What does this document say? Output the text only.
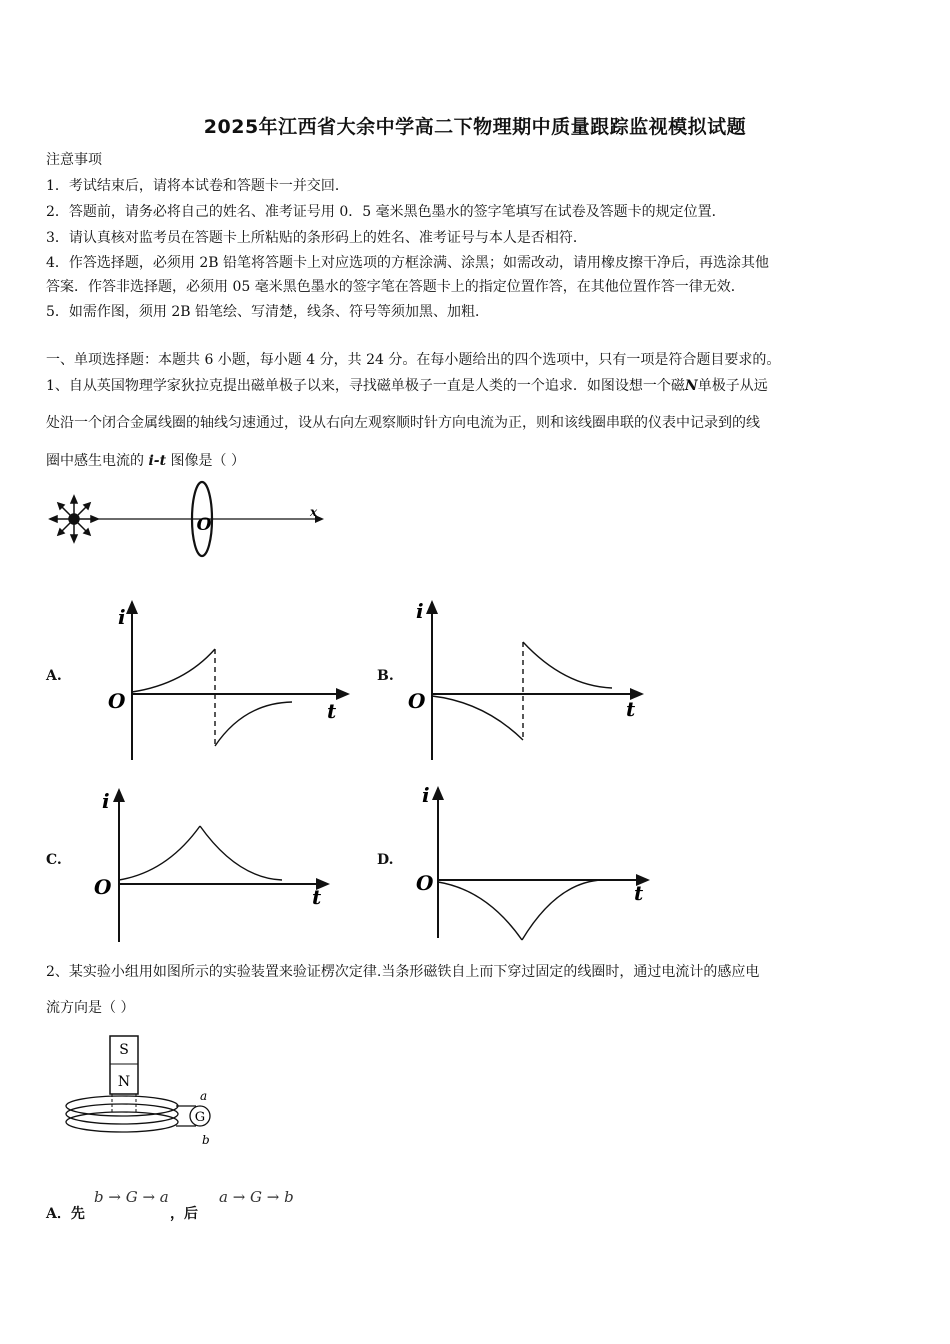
2025年江西省大余中学高二下物理期中质量跟踪监视模拟试题
注意事项
1．考试结束后，请将本试卷和答题卡一并交回．
2．答题前，请务必将自己的姓名、准考证号用 0．5 毫米黑色墨水的签字笔填写在试卷及答题卡的规定位置．
3．请认真核对监考员在答题卡上所粘贴的条形码上的姓名、准考证号与本人是否相符．
4．作答选择题，必须用 2B 铅笔将答题卡上对应选项的方框涂满、涂黑；如需改动，请用橡皮擦干净后，再选涂其他
答案．作答非选择题，必须用 05 毫米黑色墨水的签字笔在答题卡上的指定位置作答，在其他位置作答一律无效．
5．如需作图，须用 2B 铅笔绘、写清楚，线条、符号等须加黑、加粗．
一、单项选择题：本题共 6 小题，每小题 4 分，共 24 分。在每小题给出的四个选项中，只有一项是符合题目要求的。
1、自从英国物理学家狄拉克提出磁单极子以来，寻找磁单极子一直是人类的一个追求．如图设想一个磁N单极子从远
处沿一个闭合金属线圈的轴线匀速通过，设从右向左观察顺时针方向电流为正，则和该线圈串联的仪表中记录到的线
圈中感生电流的 i-t 图像是（ ）
O
x
A.
i
O	t
B.
i
O	t
C.
i
O	t
D.
i
O	t
2、某实验小组用如图所示的实验装置来验证楞次定律.当条形磁铁自上而下穿过固定的线圈时，通过电流计的感应电
流方向是（ ）
S
N
G
a
b
A．先
b → G → a
，后
a → G → b
